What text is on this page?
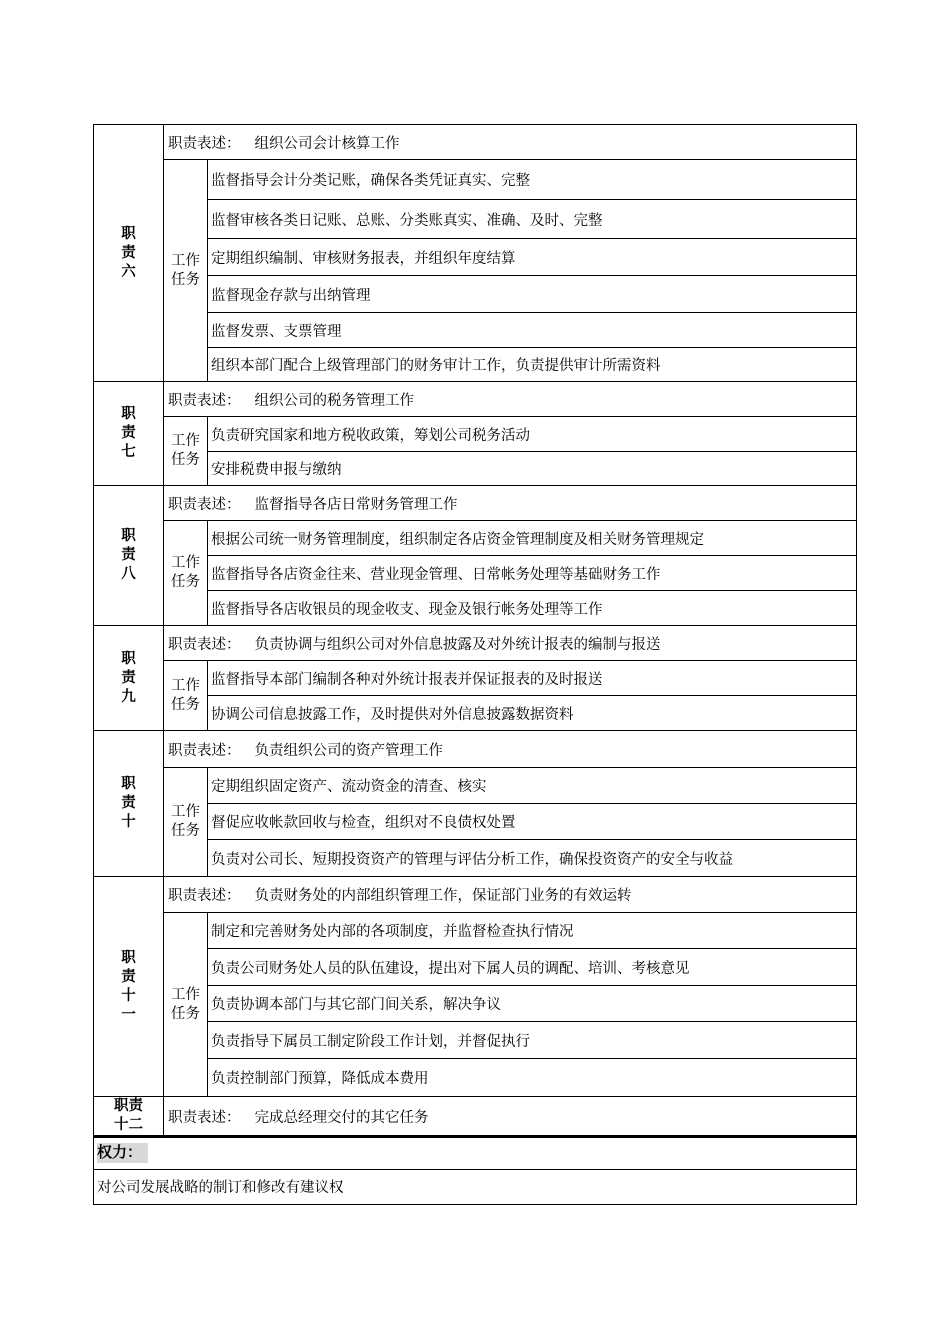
职
责
六	职责表述： 组织公司会计核算工作	

	工作
任务	监督指导会计分类记账，确保各类凭证真实、完整
		监督审核各类日记账、总账、分类账真实、准确、及时、完整
		定期组织编制、审核财务报表，并组织年度结算
		监督现金存款与出纳管理
		监督发票、支票管理
		组织本部门配合上级管理部门的财务审计工作，负责提供审计所需资料

职
责
七	职责表述： 组织公司的税务管理工作	

	工作
任务	负责研究国家和地方税收政策，筹划公司税务活动
		安排税费申报与缴纳

职
责
八	职责表述： 监督指导各店日常财务管理工作	

	工作
任务	根据公司统一财务管理制度，组织制定各店资金管理制度及相关财务管理规定
		监督指导各店资金往来、营业现金管理、日常帐务处理等基础财务工作
		监督指导各店收银员的现金收支、现金及银行帐务处理等工作

职
责
九	职责表述： 负责协调与组织公司对外信息披露及对外统计报表的编制与报送	

	工作
任务	监督指导本部门编制各种对外统计报表并保证报表的及时报送
		协调公司信息披露工作，及时提供对外信息披露数据资料

职
责
十	职责表述： 负责组织公司的资产管理工作	

	工作
任务	定期组织固定资产、流动资金的清查、核实
		督促应收帐款回收与检查，组织对不良债权处置
		负责对公司长、短期投资资产的管理与评估分析工作，确保投资资产的安全与收益

职
责
十
一	职责表述： 负责财务处的内部组织管理工作，保证部门业务的有效运转	

	工作
任务	制定和完善财务处内部的各项制度，并监督检查执行情况
		负责公司财务处人员的队伍建设，提出对下属人员的调配、培训、考核意见
		负责协调本部门与其它部门间关系，解决争议
		负责指导下属员工制定阶段工作计划，并督促执行
		负责控制部门预算，降低成本费用

职责
十二	职责表述： 完成总经理交付的其它任务	
权力：
对公司发展战略的制订和修改有建议权
